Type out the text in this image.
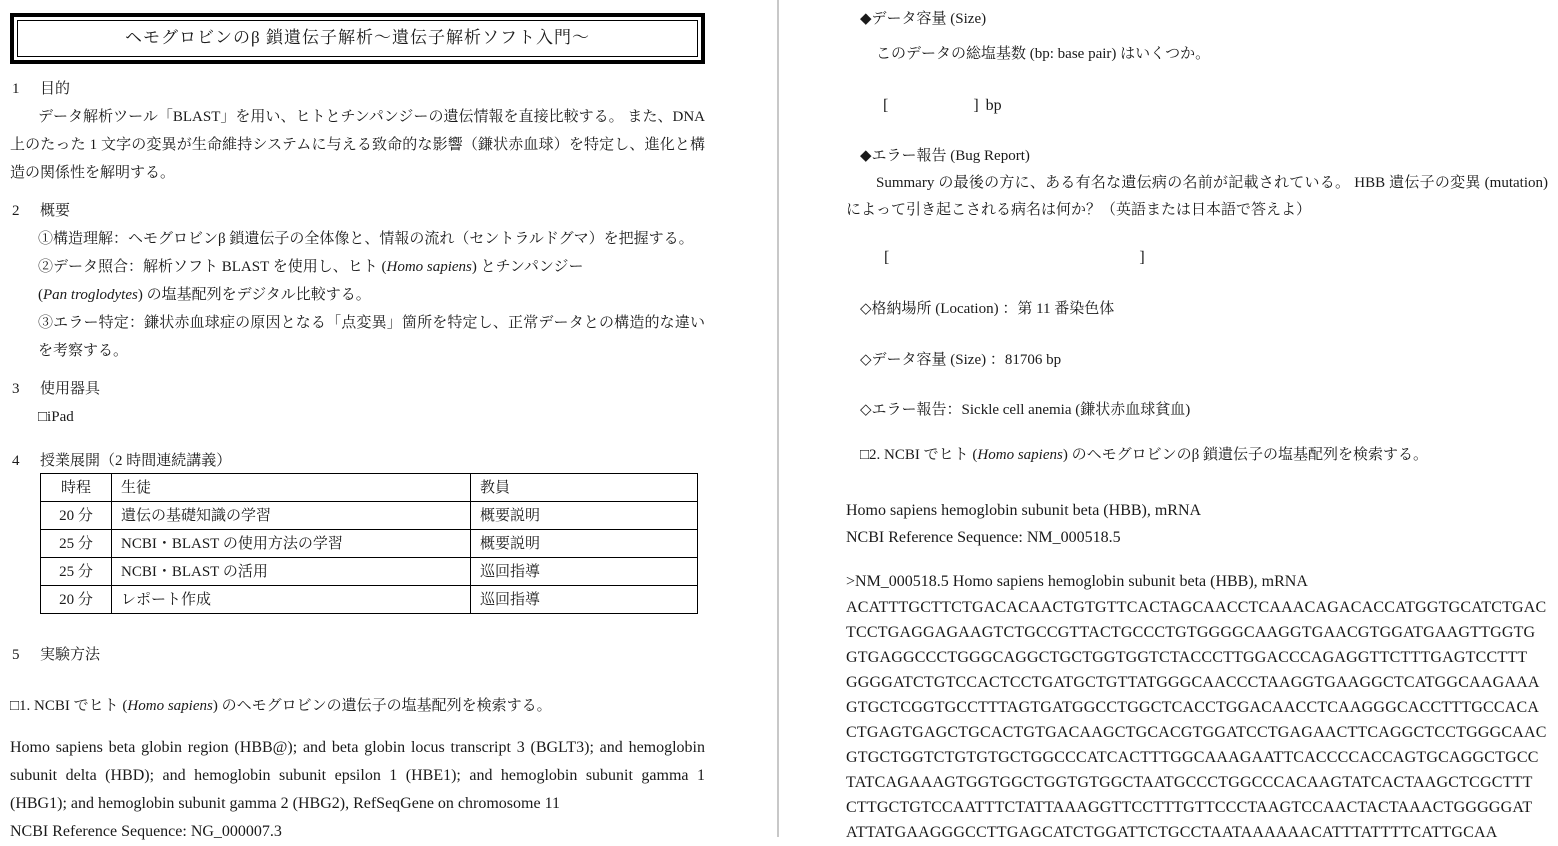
ヘモグロビンのβ 鎖遺伝子解析～遺伝子解析ソフト入門～
1 目的

データ解析ツール「BLAST」を用い、ヒトとチンパンジーの遺伝情報を直接比較する。 また、DNA 上のたった 1 文字の変異が生命維持システムに与える致命的な影響（鎌状赤血球）を特定し、進化と構造の関係性を解明する。

2 概要
①構造理解：ヘモグロビンβ 鎖遺伝子の全体像と、情報の流れ（セントラルドグマ）を把握する。
②データ照合：解析ソフト BLAST を使用し、ヒト (Homo sapiens) とチンパンジー
(Pan troglodytes) の塩基配列をデジタル比較する。
③エラー特定：鎌状赤血球症の原因となる「点変異」箇所を特定し、正常データとの構造的な違いを考察する。
3 使用器具
□iPad
4 授業展開（2 時間連続講義）
時程	生徒	教員
20 分	遺伝の基礎知識の学習	概要説明
25 分	NCBI・BLAST の使用方法の学習	概要説明
25 分	NCBI・BLAST の活用	巡回指導
20 分	レポート作成	巡回指導
5 実験方法
□1. NCBI でヒト (Homo sapiens) のヘモグロビンの遺伝子の塩基配列を検索する。

Homo sapiens beta globin region (HBB@); and beta globin locus transcript 3 (BGLT3); and hemoglobin subunit delta (HBD); and hemoglobin subunit epsilon 1 (HBE1); and hemoglobin subunit gamma 1 (HBG1); and hemoglobin subunit gamma 2 (HBG2), RefSeqGene on chromosome 11

NCBI Reference Sequence: NG_000007.3
◆データ容量 (Size)
このデータの総塩基数 (bp: base pair) はいくつか。
[	] bp
◆エラー報告 (Bug Report)

Summary の最後の方に、ある有名な遺伝病の名前が記載されている。 HBB 遺伝子の変異 (mutation) によって引き起こされる病名は何か？（英語または日本語で答えよ）

[	]
◇格納場所 (Location) ：第 11 番染色体
◇データ容量 (Size) ：81706 bp
◇エラー報告：Sickle cell anemia (鎌状赤血球貧血)
□2. NCBI でヒト (Homo sapiens) のヘモグロビンのβ 鎖遺伝子の塩基配列を検索する。
Homo sapiens hemoglobin subunit beta (HBB), mRNA
NCBI Reference Sequence: NM_000518.5
>NM_000518.5 Homo sapiens hemoglobin subunit beta (HBB), mRNA
ACATTTGCTTCTGACACAACTGTGTTCACTAGCAACCTCAAACAGACACCATGGTGCATCTGAC
TCCTGAGGAGAAGTCTGCCGTTACTGCCCTGTGGGGCAAGGTGAACGTGGATGAAGTTGGTG
GTGAGGCCCTGGGCAGGCTGCTGGTGGTCTACCCTTGGACCCAGAGGTTCTTTGAGTCCTTT
GGGGATCTGTCCACTCCTGATGCTGTTATGGGCAACCCTAAGGTGAAGGCTCATGGCAAGAAA
GTGCTCGGTGCCTTTAGTGATGGCCTGGCTCACCTGGACAACCTCAAGGGCACCTTTGCCACA
CTGAGTGAGCTGCACTGTGACAAGCTGCACGTGGATCCTGAGAACTTCAGGCTCCTGGGCAAC
GTGCTGGTCTGTGTGCTGGCCCATCACTTTGGCAAAGAATTCACCCCACCAGTGCAGGCTGCC
TATCAGAAAGTGGTGGCTGGTGTGGCTAATGCCCTGGCCCACAAGTATCACTAAGCTCGCTTT
CTTGCTGTCCAATTTCTATTAAAGGTTCCTTTGTTCCCTAAGTCCAACTACTAAACTGGGGGAT
ATTATGAAGGGCCTTGAGCATCTGGATTCTGCCTAATAAAAAACATTTATTTTCATTGCAA
